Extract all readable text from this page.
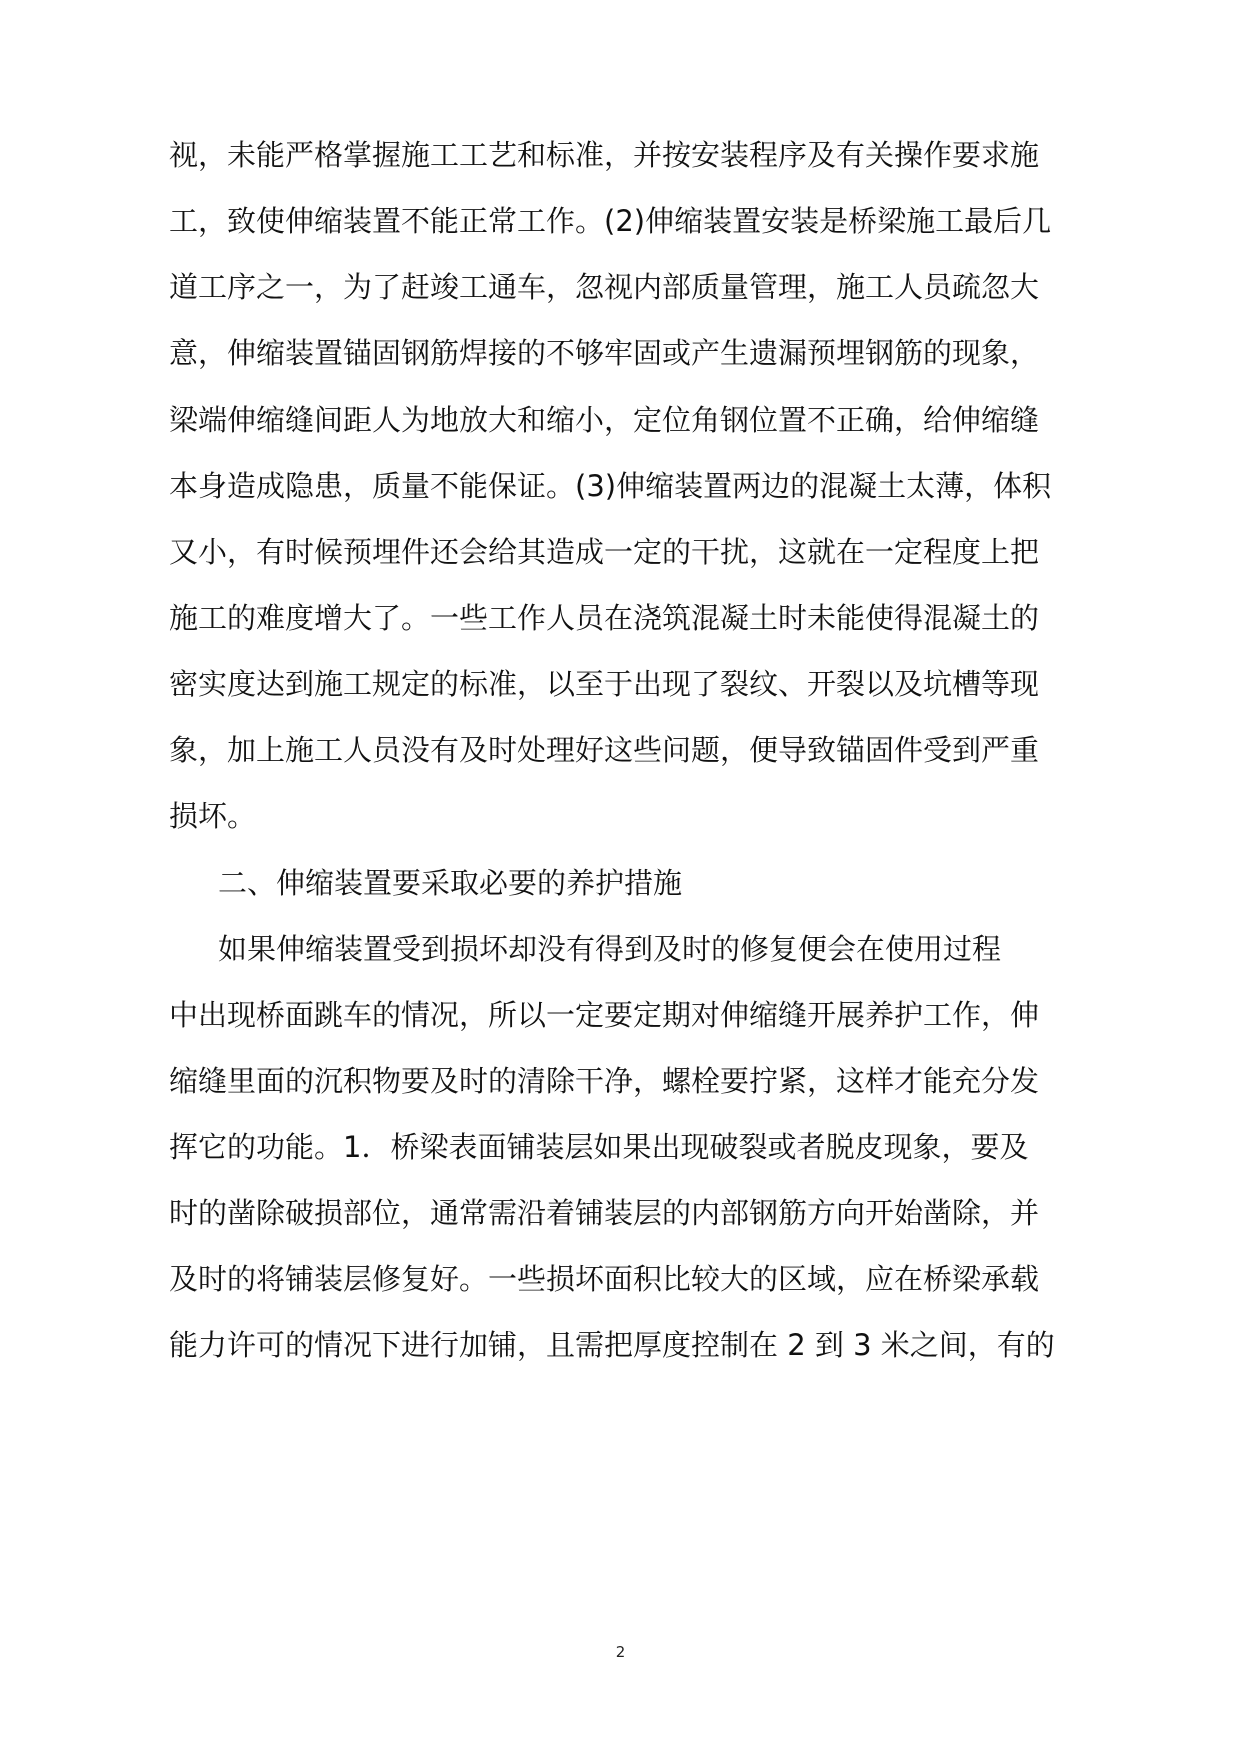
视，未能严格掌握施工工艺和标准，并按安装程序及有关操作要求施
工，致使伸缩装置不能正常工作。(2)伸缩装置安装是桥梁施工最后几
道工序之一，为了赶竣工通车，忽视内部质量管理，施工人员疏忽大
意，伸缩装置锚固钢筋焊接的不够牢固或产生遗漏预埋钢筋的现象，
梁端伸缩缝间距人为地放大和缩小，定位角钢位置不正确，给伸缩缝
本身造成隐患，质量不能保证。(3)伸缩装置两边的混凝土太薄，体积
又小，有时候预埋件还会给其造成一定的干扰，这就在一定程度上把
施工的难度增大了。一些工作人员在浇筑混凝土时未能使得混凝土的
密实度达到施工规定的标准，以至于出现了裂纹、开裂以及坑槽等现
象，加上施工人员没有及时处理好这些问题，便导致锚固件受到严重
损坏。
二、伸缩装置要采取必要的养护措施
如果伸缩装置受到损坏却没有得到及时的修复便会在使用过程
中出现桥面跳车的情况，所以一定要定期对伸缩缝开展养护工作，伸
缩缝里面的沉积物要及时的清除干净，螺栓要拧紧，这样才能充分发
挥它的功能。1．桥梁表面铺装层如果出现破裂或者脱皮现象，要及
时的凿除破损部位，通常需沿着铺装层的内部钢筋方向开始凿除，并
及时的将铺装层修复好。一些损坏面积比较大的区域，应在桥梁承载
能力许可的情况下进行加铺，且需把厚度控制在 2 到 3 米之间，有的
2
